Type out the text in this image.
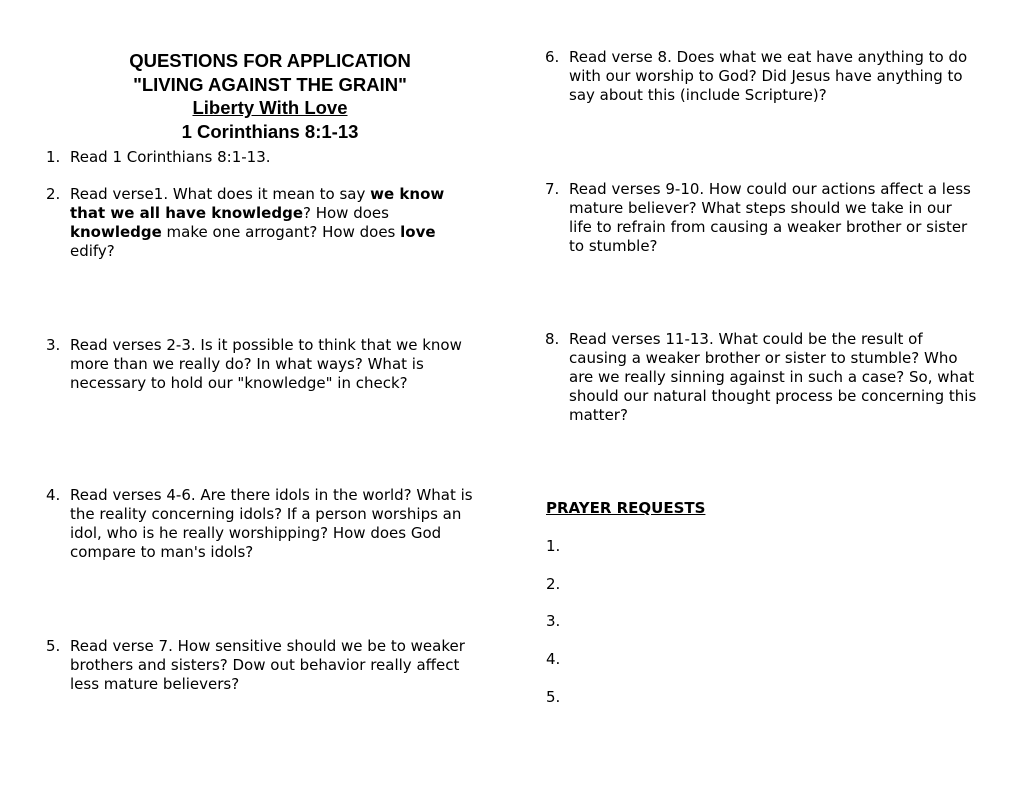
QUESTIONS FOR APPLICATION
"LIVING AGAINST THE GRAIN"
Liberty With Love
1 Corinthians 8:1-13
1. Read 1 Corinthians 8:1-13.
2. Read verse1. What does it mean to say we know that we all have knowledge? How does knowledge make one arrogant? How does love edify?
3. Read verses 2-3. Is it possible to think that we know more than we really do? In what ways? What is necessary to hold our "knowledge" in check?
4. Read verses 4-6. Are there idols in the world? What is the reality concerning idols? If a person worships an idol, who is he really worshipping? How does God compare to man's idols?
5. Read verse 7. How sensitive should we be to weaker brothers and sisters? Dow out behavior really affect less mature believers?
6. Read verse 8. Does what we eat have anything to do with our worship to God? Did Jesus have anything to say about this (include Scripture)?
7. Read verses 9-10. How could our actions affect a less mature believer? What steps should we take in our life to refrain from causing a weaker brother or sister to stumble?
8. Read verses 11-13. What could be the result of causing a weaker brother or sister to stumble? Who are we really sinning against in such a case? So, what should our natural thought process be concerning this matter?
PRAYER REQUESTS
1.
2.
3.
4.
5.
